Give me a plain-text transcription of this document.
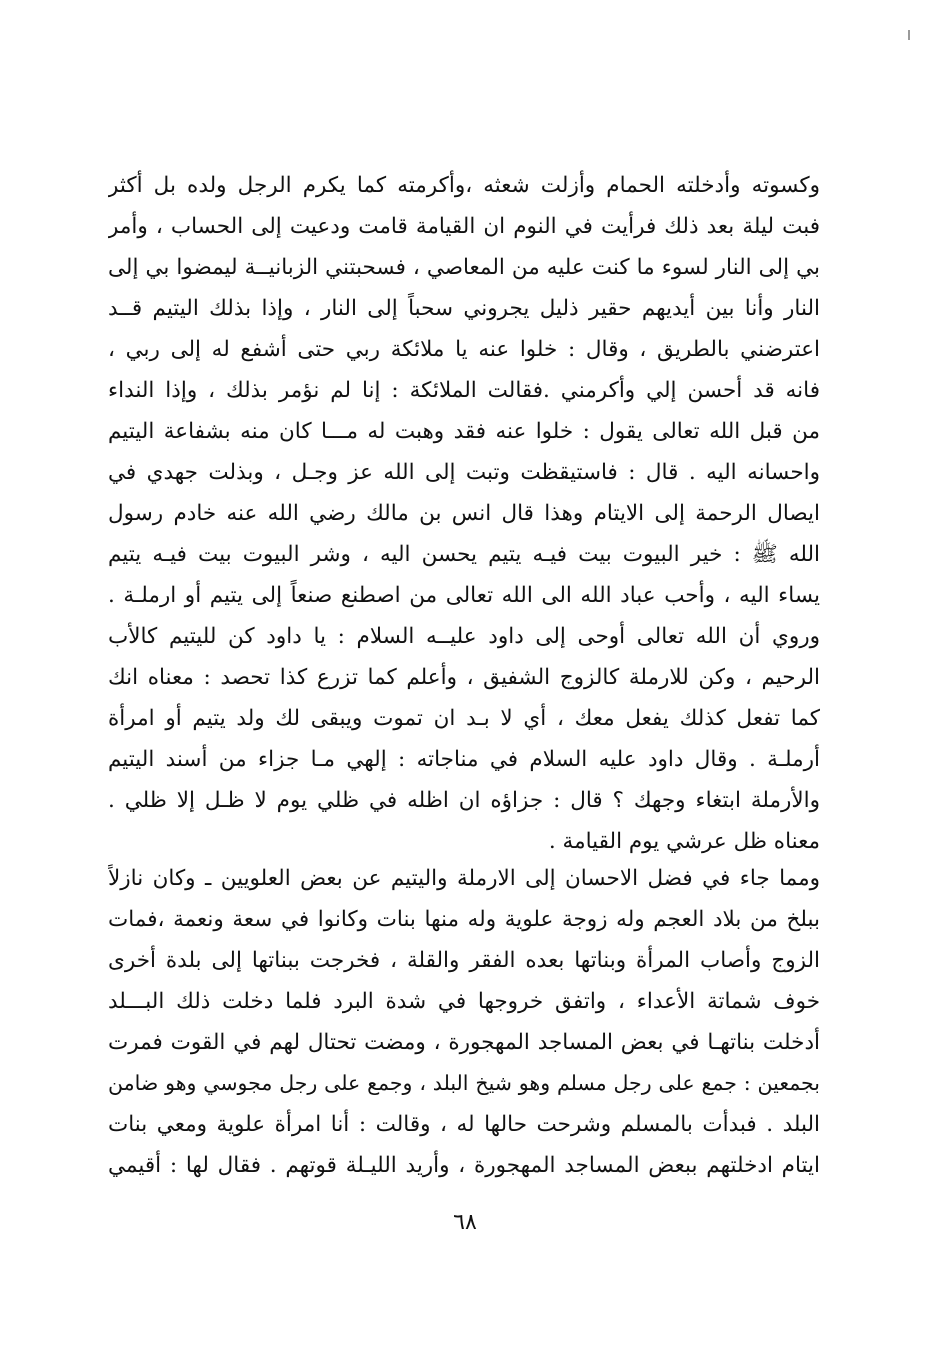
وكسوته وأدخلته الحمام وأزلت شعثه ،وأكرمته كما يكرم الرجل ولده بل أكثر
فبت ليلة بعد ذلك فرأيت في النوم ان القيامة قامت ودعيت إلى الحساب ، وأمر
بي إلى النار لسوء ما كنت عليه من المعاصي ، فسحبتني الزبانيــة ليمضوا بي إلى
النار وأنا بين أيديهم حقير ذليل يجروني سحباً إلى النار ، وإذا بذلك اليتيم قــد
اعترضني بالطريق ، وقال : خلوا عنه يا ملائكة ربي حتى أشفع له إلى ربي ،
فانه قد أحسن إلي وأكرمني .فقالت الملائكة : إنا لم نؤمر بذلك ، وإذا النداء
من قبل الله تعالى يقول : خلوا عنه فقد وهبت له مـــا كان منه بشفاعة اليتيم
واحسانه اليه . قال : فاستيقظت وتبت إلى الله عز وجـل ، وبذلت جهدي في
ايصال الرحمة إلى الايتام وهذا قال انس بن مالك رضي الله عنه خادم رسول
الله ﷺ : خير البيوت بيت فيـه يتيم يحسن اليه ، وشر البيوت بيت فيـه يتيم
يساء اليه ، وأحب عباد الله الى الله تعالى من اصطنع صنعاً إلى يتيم أو ارملـة .
وروي أن الله تعالى أوحى إلى داود عليــه السلام : يا داود كن لليتيم كالأب
الرحيم ، وكن للارملة كالزوج الشفيق ، وأعلم كما تزرع كذا تحصد : معناه انك
كما تفعل كذلك يفعل معك ، أي لا بـد ان تموت ويبقى لك ولد يتيم أو امرأة
أرملـة . وقال داود عليه السلام في مناجاته : إلهي مـا جزاء من أسند اليتيم
والأرملة ابتغاء وجهك ؟ قال : جزاؤه ان اظله في ظلي يوم لا ظـل إلا ظلي .
معناه ظل عرشي يوم القيامة .
ومما جاء في فضل الاحسان إلى الارملة واليتيم عن بعض العلويين ـ وكان نازلاً
ببلخ من بلاد العجم وله زوجة علوية وله منها بنات وكانوا في سعة ونعمة ،فمات
الزوج وأصاب المرأة وبناتها بعده الفقر والقلة ، فخرجت ببناتها إلى بلدة أخرى
خوف شماتة الأعداء ، واتفق خروجها في شدة البرد فلما دخلت ذلك البـــلد
أدخلت بناتهـا في بعض المساجد المهجورة ، ومضت تحتال لهم في القوت فمرت
بجمعين : جمع على رجل مسلم وهو شيخ البلد ، وجمع على رجل مجوسي وهو ضامن
البلد . فبدأت بالمسلم وشرحت حالها له ، وقالت : أنا امرأة علوية ومعي بنات
ايتام ادخلتهم ببعض المساجد المهجورة ، وأريد الليـلة قوتهم . فقال لها : أقيمي
٦٨
